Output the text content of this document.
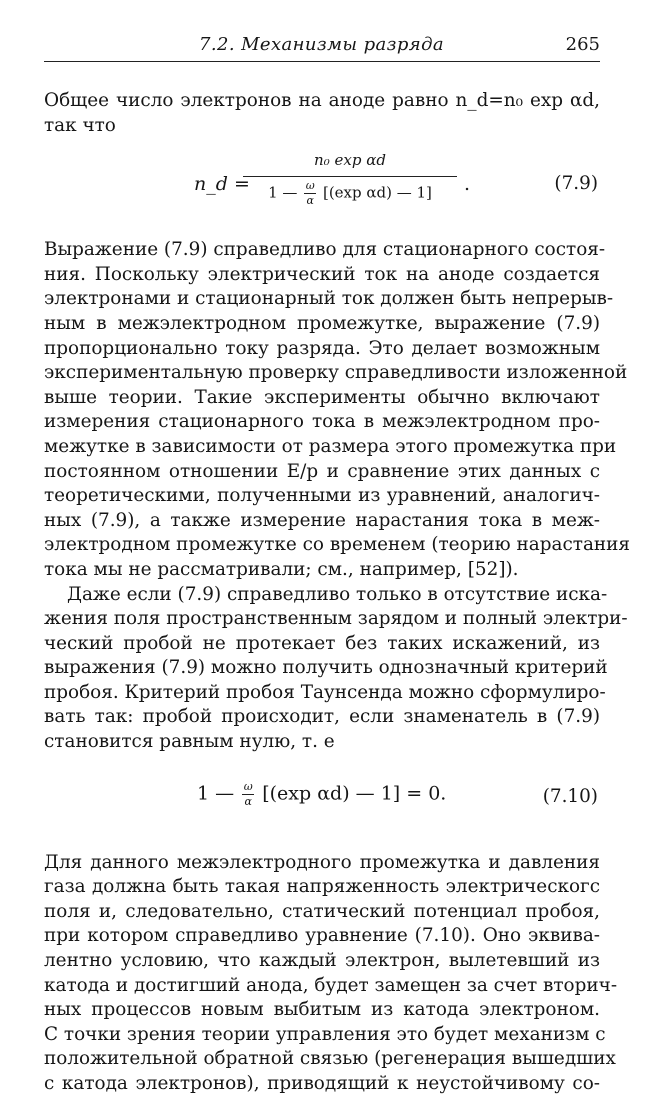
7.2. Механизмы разряда	265
Общее число электронов на аноде равно n_d=n₀ exp αd,
так что
n_d =
n₀ exp αd
1 — $\frac{\omega}{\alpha} [(\exp$ αd) — 1]	.	(7.9)
Выражение (7.9) справедливо для стационарного состоя-
ния. Поскольку электрический ток на аноде создается
электронами и стационарный ток должен быть непрерыв-
ным в межэлектродном промежутке, выражение (7.9)
пропорционально току разряда. Это делает возможным
экспериментальную проверку справедливости изложенной
выше теории. Такие эксперименты обычно включают
измерения стационарного тока в межэлектродном про-
межутке в зависимости от размера этого промежутка при
постоянном отношении E/p и сравнение этих данных с
теоретическими, полученными из уравнений, аналогич-
ных (7.9), а также измерение нарастания тока в меж-
электродном промежутке со временем (теорию нарастания
тока мы не рассматривали; см., например, [52]).
Даже если (7.9) справедливо только в отсутствие иска-
жения поля пространственным зарядом и полный электри-
ческий пробой не протекает без таких искажений, из
выражения (7.9) можно получить однозначный критерий
пробоя. Критерий пробоя Таунсенда можно сформулиро-
вать так: пробой происходит, если знаменатель в (7.9)
становится равным нулю, т. е
1 — $\frac{\omega}{\alpha} [(\exp$ αd) — 1] = 0.	(7.10)
Для данного межэлектродного промежутка и давления
газа должна быть такая напряженность электрическогс
поля и, следовательно, статический потенциал пробоя,
при котором справедливо уравнение (7.10). Оно эквива-
лентно условию, что каждый электрон, вылетевший из
катода и достигший анода, будет замещен за счет вторич-
ных процессов новым выбитым из катода электроном.
С точки зрения теории управления это будет механизм с
положительной обратной связью (регенерация вышедших
с катода электронов), приводящий к неустойчивому со-
